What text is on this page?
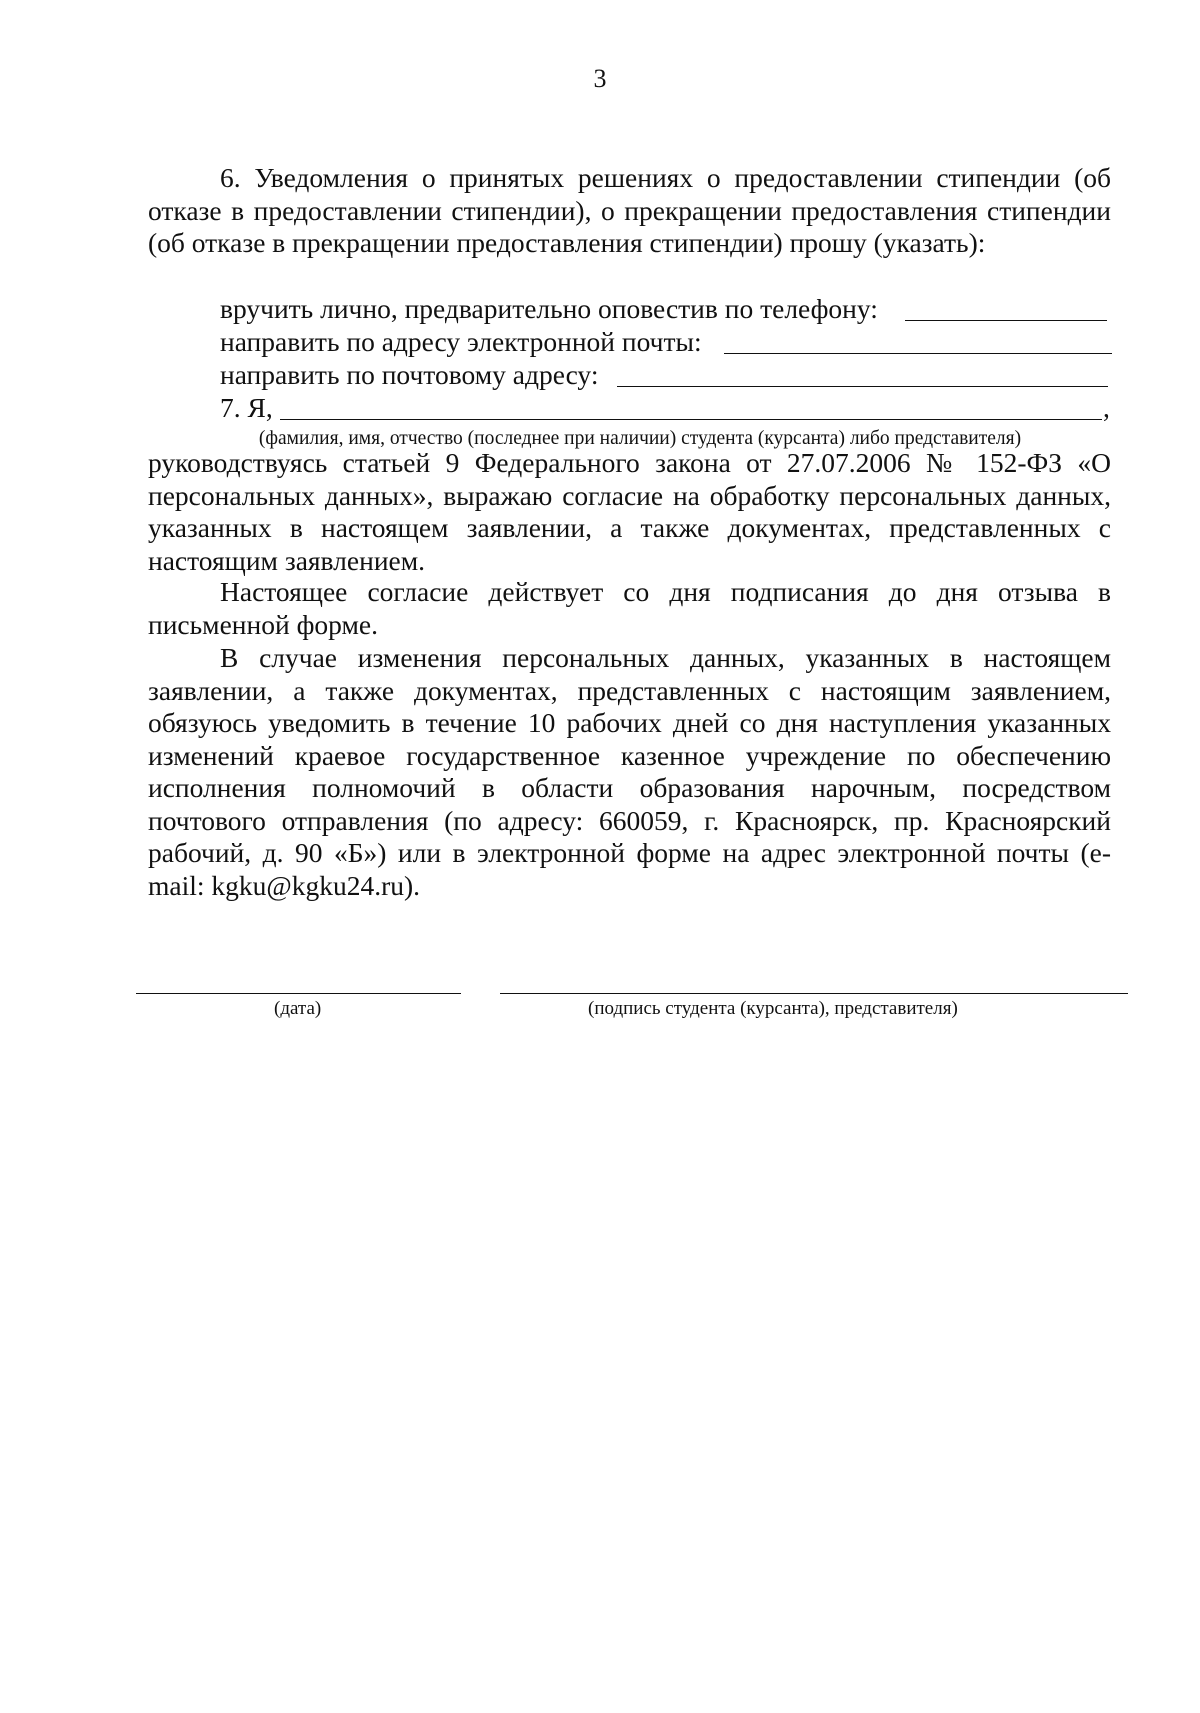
3

6. Уведомления о принятых решениях о предоставлении стипендии (об отказе в предоставлении стипендии), о прекращении предоставления стипендии (об отказе в прекращении предоставления стипендии) прошу (указать):

вручить лично, предварительно оповестив по телефону:
направить по адресу электронной почты:
направить по почтовому адресу:
7. Я,	,
(фамилия, имя, отчество (последнее при наличии) студента (курсанта) либо представителя)

руководствуясь статьей 9 Федерального закона от 27.07.2006 № 152-ФЗ «О персональных данных», выражаю согласие на обработку персональных данных, указанных в настоящем заявлении, а также документах, представленных с настоящим заявлением.

Настоящее согласие действует со дня подписания до дня отзыва в письменной форме.

В случае изменения персональных данных, указанных в настоящем заявлении, а также документах, представленных с настоящим заявлением, обязуюсь уведомить в течение 10 рабочих дней со дня наступления указанных изменений краевое государственное казенное учреждение по обеспечению исполнения полномочий в области образования нарочным, посредством почтового отправления (по адресу: 660059, г. Красноярск, пр. Красноярский рабочий, д. 90 «Б») или в электронной форме на адрес электронной почты (e-mail: kgku@kgku24.ru).

(дата)	(подпись студента (курсанта), представителя)
